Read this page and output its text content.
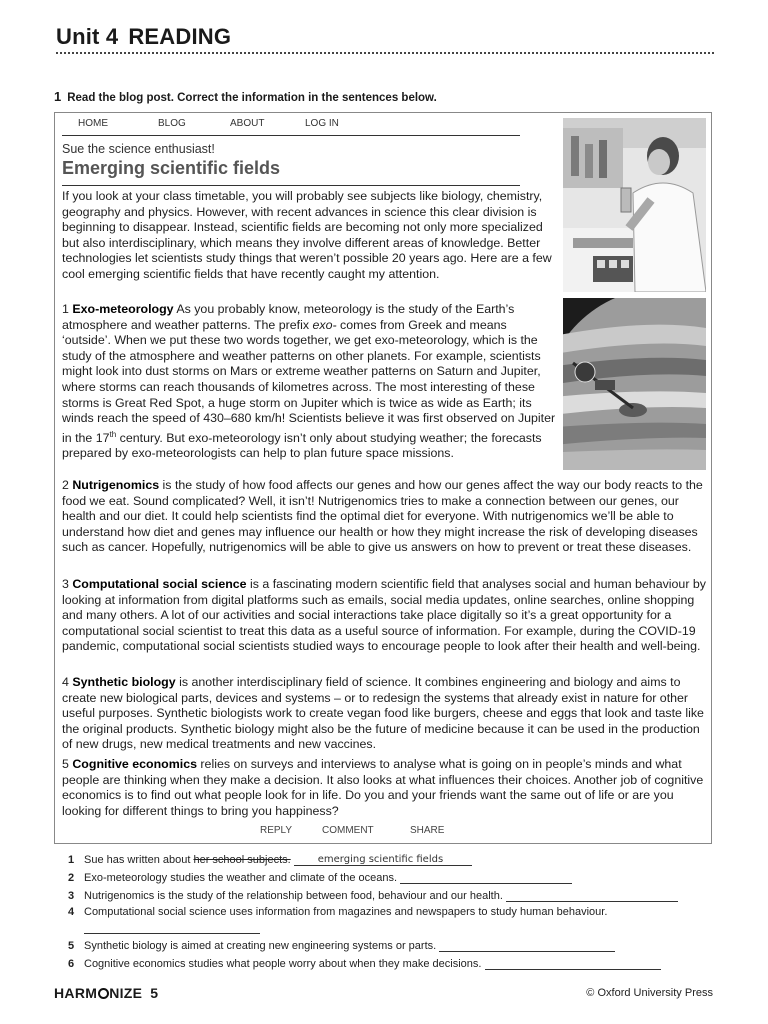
Unit 4 READING
1 Read the blog post. Correct the information in the sentences below.
HOME	BLOG	ABOUT	LOG IN
Sue the science enthusiast!
Emerging scientific fields
If you look at your class timetable, you will probably see subjects like biology, chemistry, geography and physics. However, with recent advances in science this clear division is beginning to disappear. Instead, scientific fields are becoming not only more specialized but also interdisciplinary, which means they involve different areas of knowledge. Better technologies let scientists study things that weren’t possible 20 years ago. Here are a few cool emerging scientific fields that have recently caught my attention.
1 Exo-meteorology As you probably know, meteorology is the study of the Earth’s atmosphere and weather patterns. The prefix exo- comes from Greek and means ‘outside’. When we put these two words together, we get exo-meteorology, which is the study of the atmosphere and weather patterns on other planets. For example, scientists might look into dust storms on Mars or extreme weather patterns on Saturn and Jupiter, where storms can reach thousands of kilometres across. The most interesting of these storms is Great Red Spot, a huge storm on Jupiter which is twice as wide as Earth; its winds reach the speed of 430–680 km/h! Scientists believe it was first observed on Jupiter in the 17th century. But exo-meteorology isn’t only about studying weather; the forecasts prepared by exo-meteorologists can help to plan future space missions.
2 Nutrigenomics is the study of how food affects our genes and how our genes affect the way our body reacts to the food we eat. Sound complicated? Well, it isn’t! Nutrigenomics tries to make a connection between our genes, our health and our diet. It could help scientists find the optimal diet for everyone. With nutrigenomics we’ll be able to understand how diet and genes may influence our health or how they might increase the risk of developing diseases such as cancer. Hopefully, nutrigenomics will be able to give us answers on how to prevent or treat these diseases.
3 Computational social science is a fascinating modern scientific field that analyses social and human behaviour by looking at information from digital platforms such as emails, social media updates, online searches, online shopping and many others. A lot of our activities and social interactions take place digitally so it’s a great opportunity for a computational social scientist to treat this data as a useful source of information. For example, during the COVID-19 pandemic, computational social scientists studied ways to encourage people to look after their health and well-being.
4 Synthetic biology is another interdisciplinary field of science. It combines engineering and biology and aims to create new biological parts, devices and systems – or to redesign the systems that already exist in nature for other useful purposes. Synthetic biologists work to create vegan food like burgers, cheese and eggs that look and taste like the original products. Synthetic biology might also be the future of medicine because it can be used in the production of new drugs, new medical treatments and new vaccines.
5 Cognitive economics relies on surveys and interviews to analyse what is going on in people’s minds and what people are thinking when they make a decision. It also looks at what influences their choices. Another job of cognitive economics is to find out what people look for in life. Do you and your friends want the same out of life or are you looking for different things to bring you happiness?
REPLY	COMMENT	SHARE
1 Sue has written about her school subjects.	emerging scientific fields
2 Exo-meteorology studies the weather and climate of the oceans.
3 Nutrigenomics is the study of the relationship between food, behaviour and our health.
4 Computational social science uses information from magazines and newspapers to study human behaviour.
5 Synthetic biology is aimed at creating new engineering systems or parts.
6 Cognitive economics studies what people worry about when they make decisions.
HARM NIZE 5	© Oxford University Press
